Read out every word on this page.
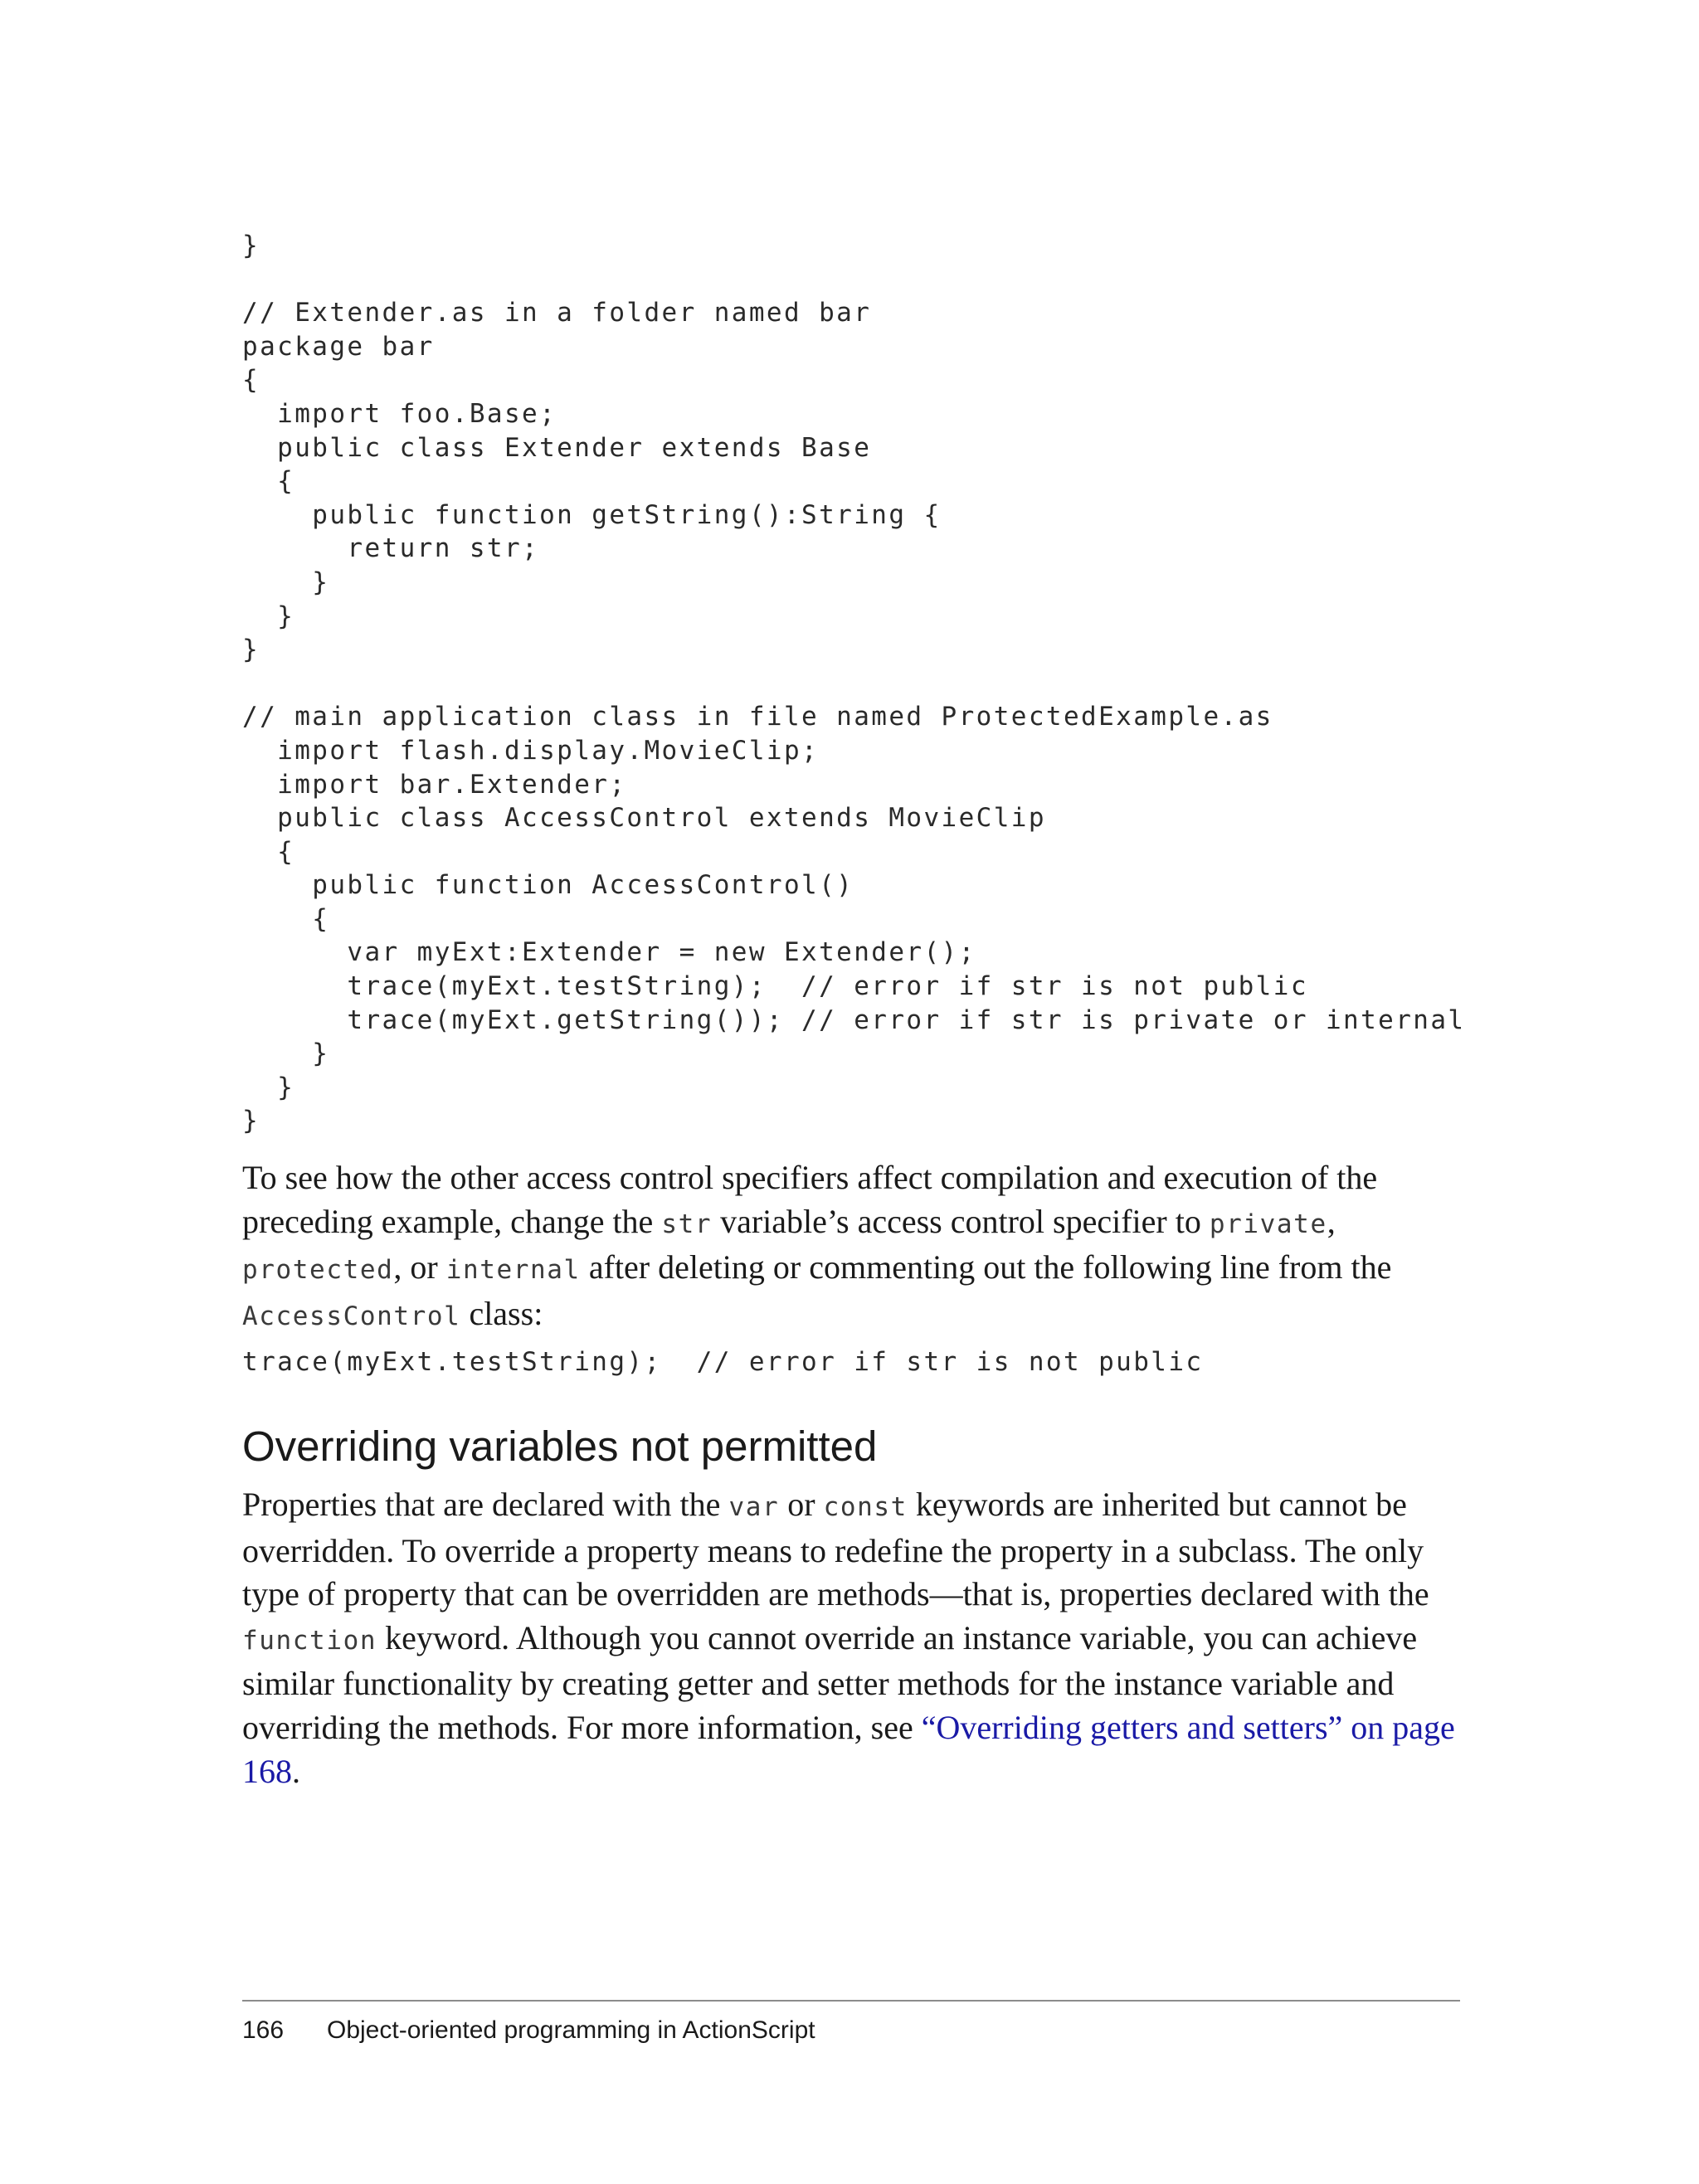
}
// Extender.as in a folder named bar
package bar
{
import foo.Base;
public class Extender extends Base
{
public function getString():String {
return str;
}
}
}
// main application class in file named ProtectedExample.as
import flash.display.MovieClip;
import bar.Extender;
public class AccessControl extends MovieClip
{
public function AccessControl()
{
var myExt:Extender = new Extender();
trace(myExt.testString);  // error if str is not public
trace(myExt.getString()); // error if str is private or internal
}
}
}

To see how the other access control specifiers affect compilation and execution of the preceding example, change the str variable’s access control specifier to private, protected, or internal after deleting or commenting out the following line from the AccessControl class:

trace(myExt.testString);  // error if str is not public
Overriding variables not permitted

Properties that are declared with the var or const keywords are inherited but cannot be overridden. To override a property means to redefine the property in a subclass. The only type of property that can be overridden are methods—that is, properties declared with the function keyword. Although you cannot override an instance variable, you can achieve similar functionality by creating getter and setter methods for the instance variable and overriding the methods. For more information, see “Overriding getters and setters” on page 168.

166 Object-oriented programming in ActionScript
